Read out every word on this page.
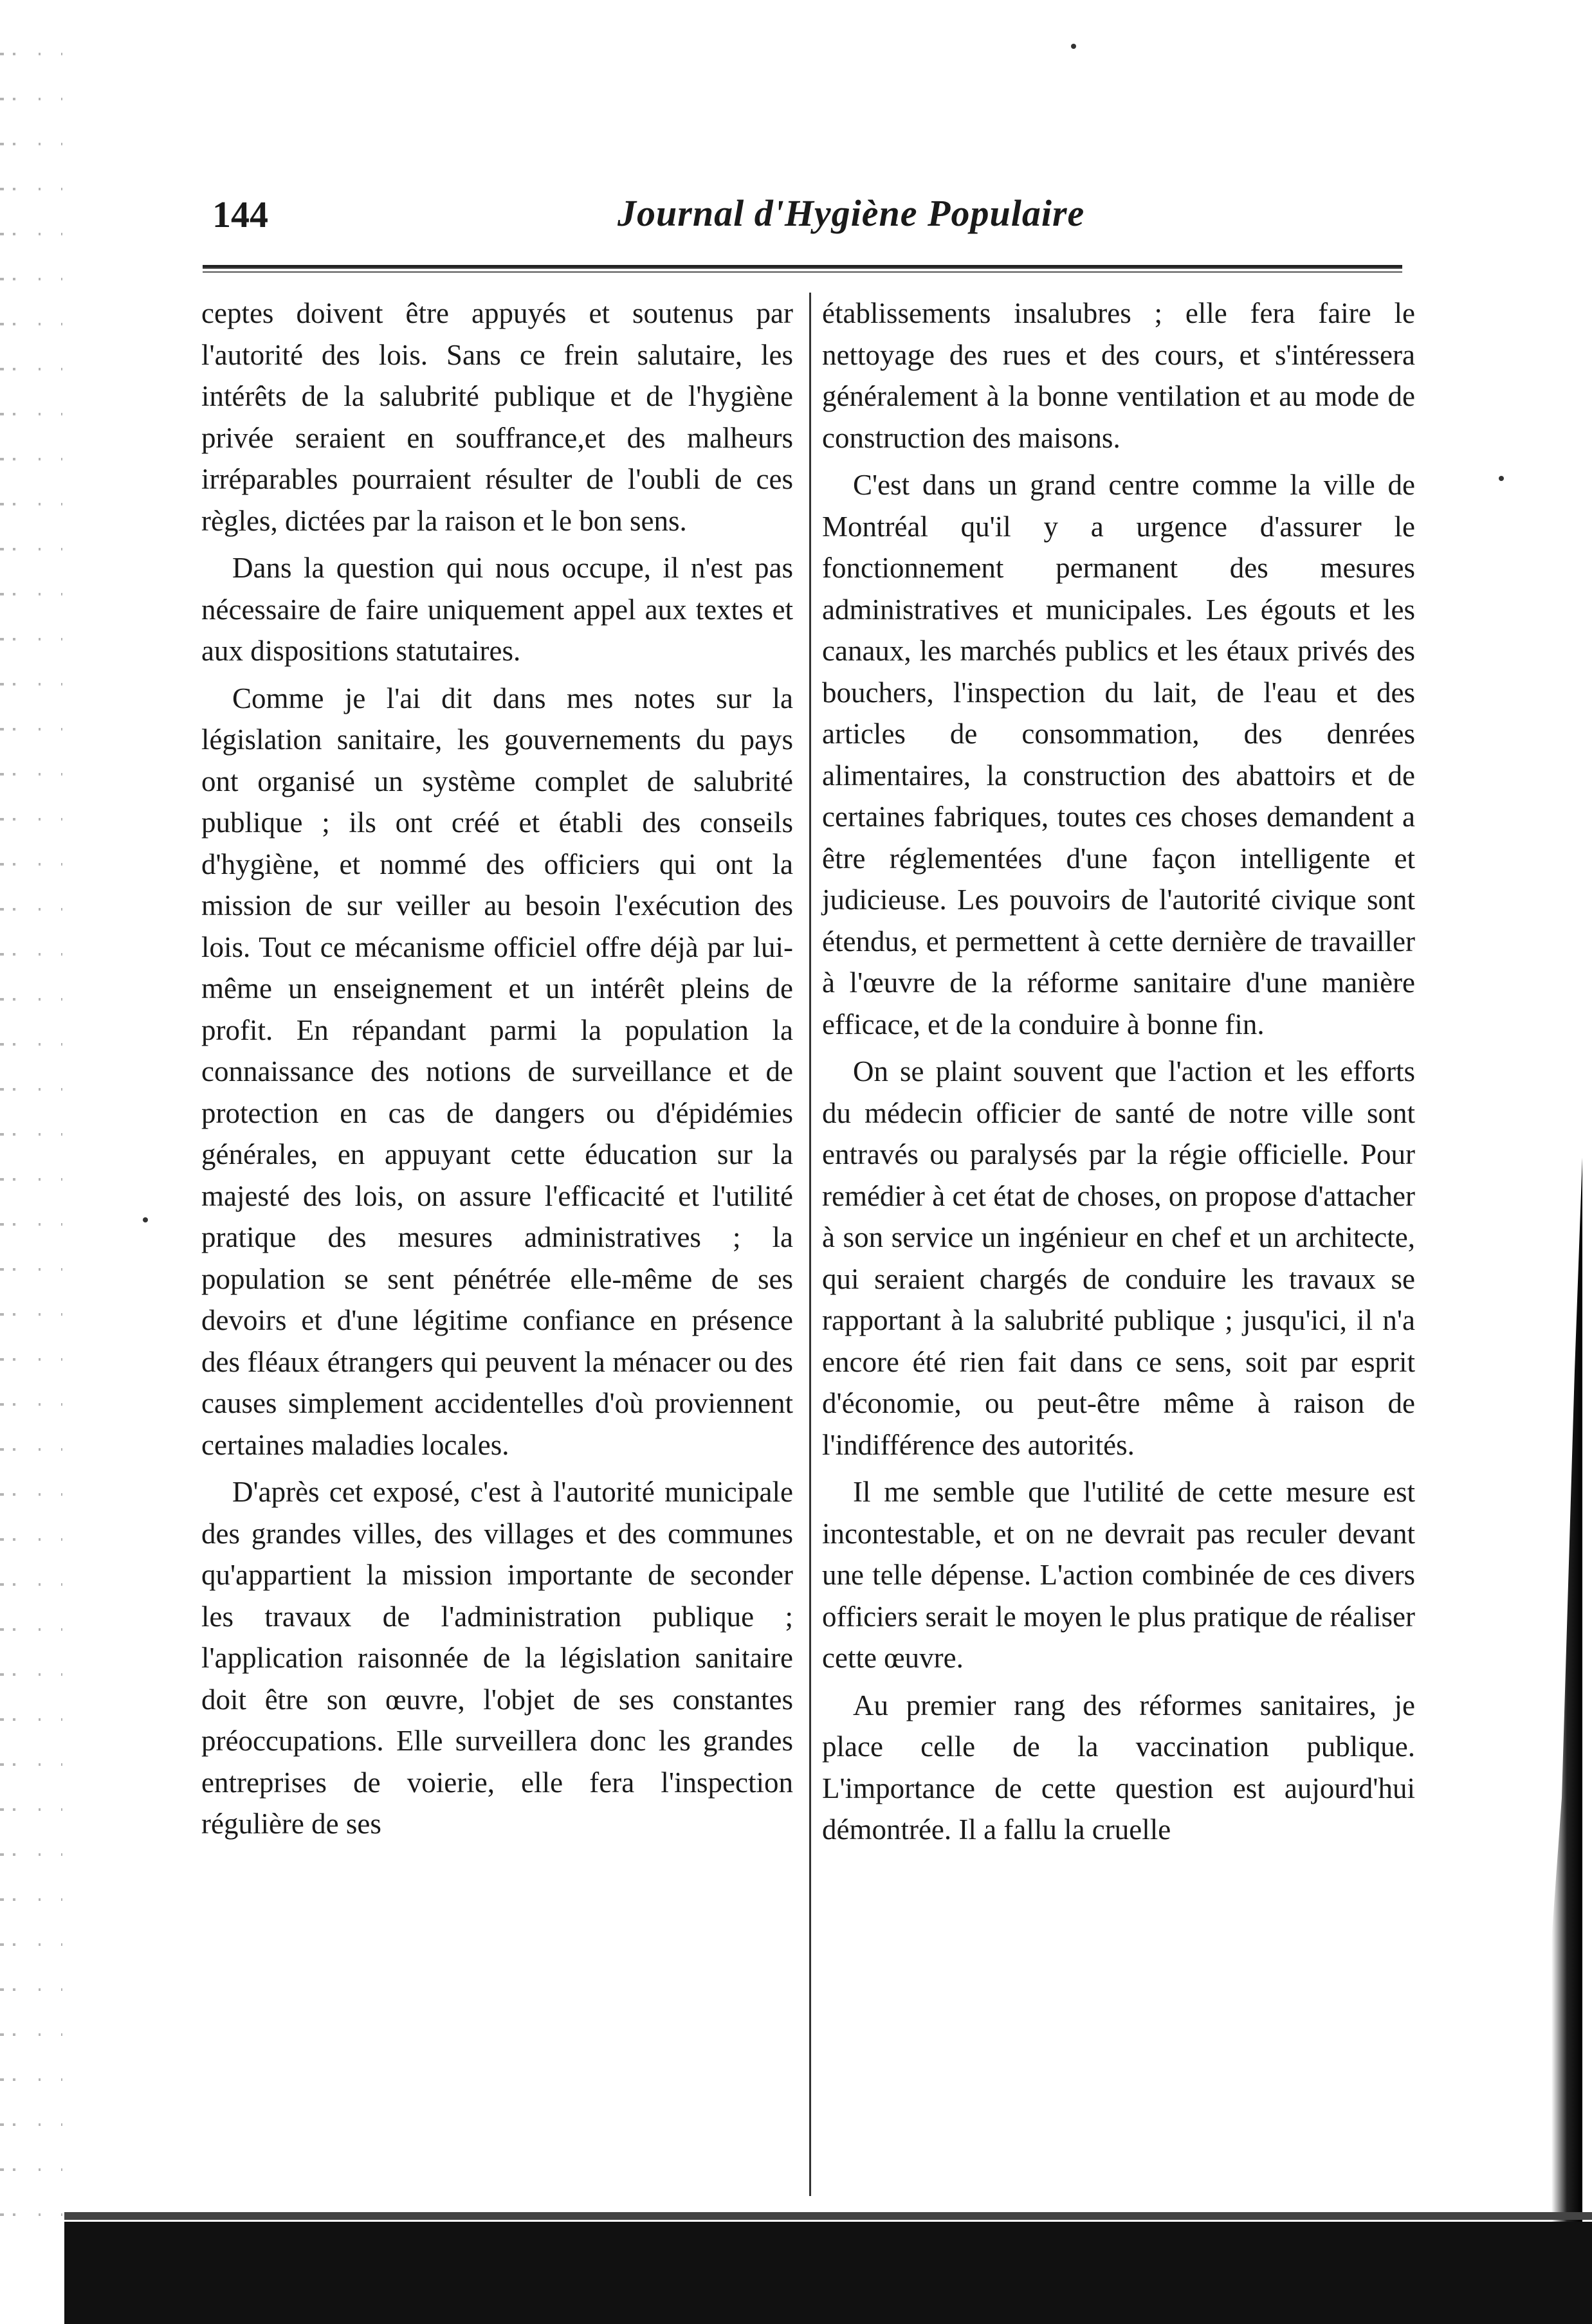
144	Journal d'Hygiène Populaire

ceptes doivent être appuyés et soutenus par l'autorité des lois. Sans ce frein salutaire, les intérêts de la salubrité publique et de l'hygiène privée seraient en souffrance,et des malheurs irréparables pourraient résulter de l'oubli de ces règles, dictées par la raison et le bon sens.

Dans la question qui nous occupe, il n'est pas nécessaire de faire uniquement appel aux textes et aux dispositions statutaires.

Comme je l'ai dit dans mes notes sur la législation sanitaire, les gouvernements du pays ont organisé un système complet de salubrité publique ; ils ont créé et établi des conseils d'hygiène, et nommé des officiers qui ont la mission de sur veiller au besoin l'exécution des lois. Tout ce mécanisme officiel offre déjà par lui-même un enseignement et un intérêt pleins de profit. En répandant parmi la population la connaissance des notions de surveillance et de protection en cas de dangers ou d'épidémies générales, en appuyant cette éducation sur la majesté des lois, on assure l'efficacité et l'utilité pratique des mesures administratives ; la population se sent pénétrée elle-même de ses devoirs et d'une légitime confiance en présence des fléaux étrangers qui peuvent la ménacer ou des causes simplement accidentelles d'où proviennent certaines maladies locales.

D'après cet exposé, c'est à l'autorité municipale des grandes villes, des villages et des communes qu'appartient la mission importante de seconder les travaux de l'administration publique ; l'application raisonnée de la législation sanitaire doit être son œuvre, l'objet de ses constantes préoccupations. Elle surveillera donc les grandes entreprises de voierie, elle fera l'inspection régulière de ses

établissements insalubres ; elle fera faire le nettoyage des rues et des cours, et s'intéressera généralement à la bonne ventilation et au mode de construction des maisons.

C'est dans un grand centre comme la ville de Montréal qu'il y a urgence d'assurer le fonctionnement permanent des mesures administratives et municipales. Les égouts et les canaux, les marchés publics et les étaux privés des bouchers, l'inspection du lait, de l'eau et des articles de consommation, des denrées alimentaires, la construction des abattoirs et de certaines fabriques, toutes ces choses demandent a être réglementées d'une façon intelligente et judicieuse. Les pouvoirs de l'autorité civique sont étendus, et permettent à cette dernière de travailler à l'œuvre de la réforme sanitaire d'une manière efficace, et de la conduire à bonne fin.

On se plaint souvent que l'action et les efforts du médecin officier de santé de notre ville sont entravés ou paralysés par la régie officielle. Pour remédier à cet état de choses, on propose d'attacher à son service un ingénieur en chef et un architecte, qui seraient chargés de conduire les travaux se rapportant à la salubrité publique ; jusqu'ici, il n'a encore été rien fait dans ce sens, soit par esprit d'économie, ou peut-être même à raison de l'indifférence des autorités.

Il me semble que l'utilité de cette mesure est incontestable, et on ne devrait pas reculer devant une telle dépense. L'action combinée de ces divers officiers serait le moyen le plus pratique de réaliser cette œuvre.

Au premier rang des réformes sanitaires, je place celle de la vaccination publique. L'importance de cette question est aujourd'hui démontrée. Il a fallu la cruelle
